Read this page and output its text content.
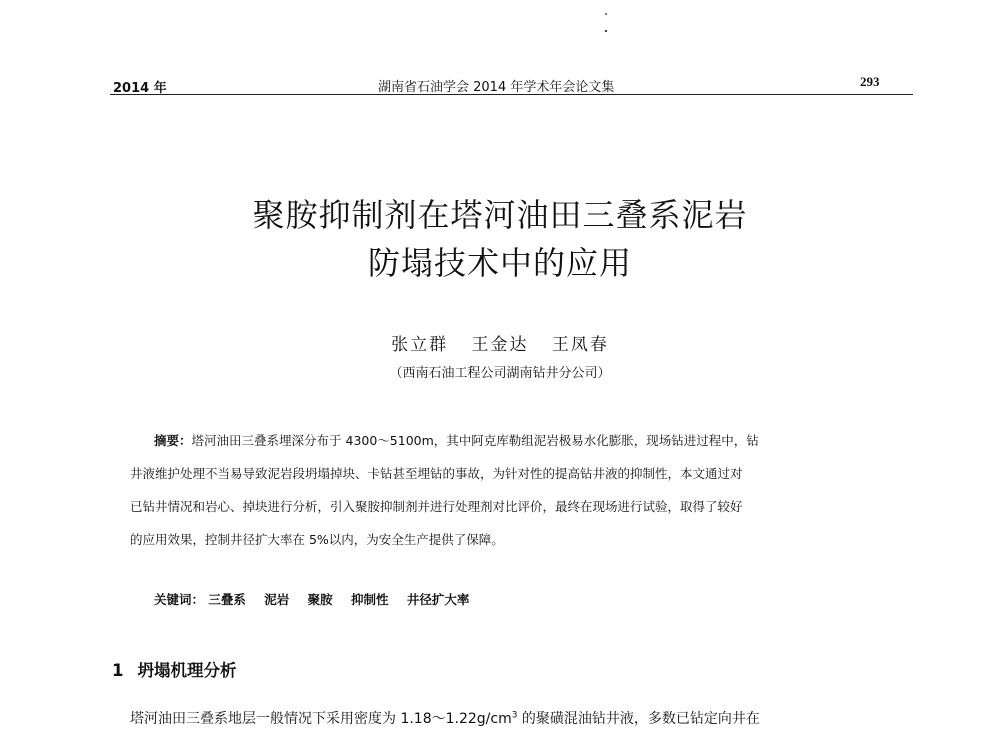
2014 年	湖南省石油学会 2014 年学术年会论文集	293
聚胺抑制剂在塔河油田三叠系泥岩
防塌技术中的应用
张立群 王金达 王凤春
（西南石油工程公司湖南钻井分公司）
摘要：塔河油田三叠系埋深分布于 4300～5100m，其中阿克库勒组泥岩极易水化膨胀，现场钻进过程中，钻
井液维护处理不当易导致泥岩段坍塌掉块、卡钻甚至埋钻的事故，为针对性的提高钻井液的抑制性，本文通过对
已钻井情况和岩心、掉块进行分析，引入聚胺抑制剂并进行处理剂对比评价，最终在现场进行试验，取得了较好
的应用效果，控制井径扩大率在 5%以内，为安全生产提供了保障。
关键词： 三叠系 泥岩 聚胺 抑制性 井径扩大率
1 坍塌机理分析
塔河油田三叠系地层一般情况下采用密度为 $1.18\sim 1.22g/cm^3$ 的聚磺混油钻井液，多数已钻定向井在
